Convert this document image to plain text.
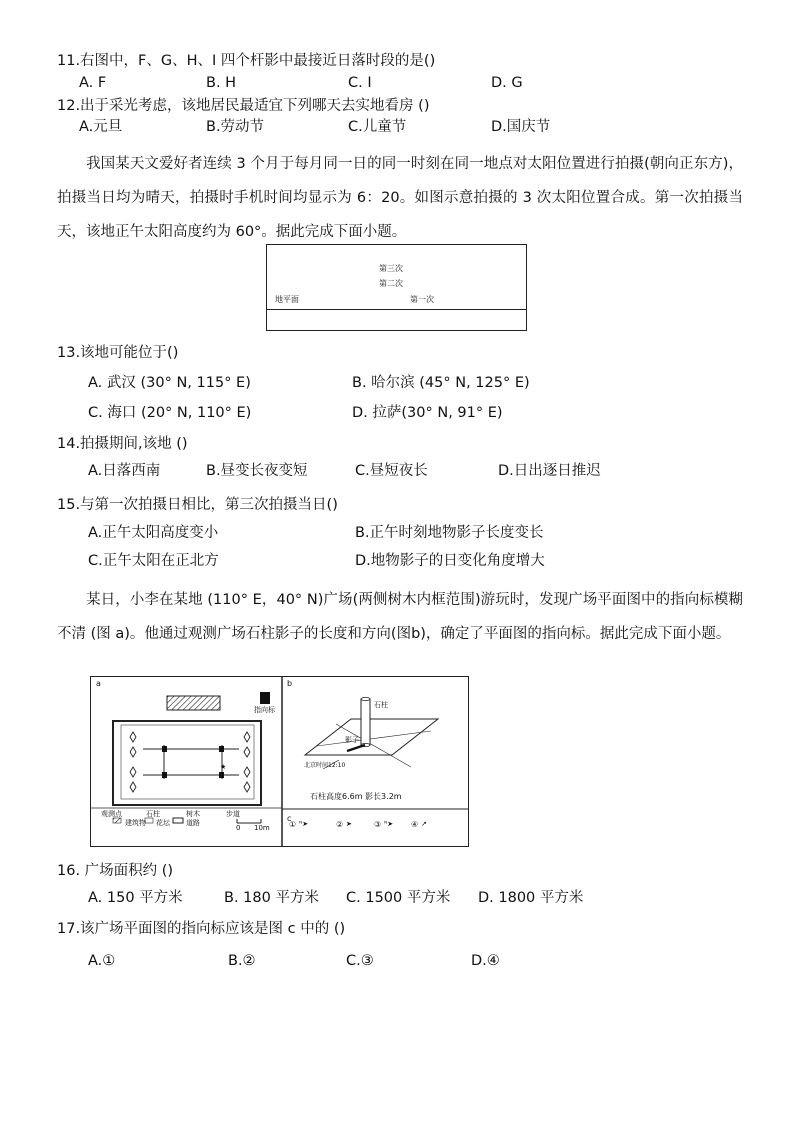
11.右图中，F、G、H、I 四个杆影中最接近日落时段的是()
A. F	B. H	C. I	D. G
12.出于采光考虑，该地居民最适宜下列哪天去实地看房 ()
A.元旦	B.劳动节	C.儿童节	D.国庆节
我国某天文爱好者连续 3 个月于每月同一日的同一时刻在同一地点对太阳位置进行拍摄(朝向正东方)，拍摄当日均为晴天，拍摄时手机时间均显示为 6：20。如图示意拍摄的 3 次太阳位置合成。第一次拍摄当天，该地正午太阳高度约为 60°。据此完成下面小题。
第三次
第二次
地平面	第一次
13.该地可能位于()
A. 武汉 (30° N, 115° E)	B. 哈尔滨 (45° N, 125° E)
C. 海口 (20° N, 110° E)	D. 拉萨(30° N, 91° E)
14.拍摄期间,该地 ()
A.日落西南	B.昼变长夜变短	C.昼短夜长	D.日出逐日推迟
15.与第一次拍摄日相比，第三次拍摄当日()
A.正午太阳高度变小	B.正午时刻地物影子长度变长
C.正午太阳在正北方	D.地物影子的日变化角度增大
某日，小李在某地 (110° E，40° N)广场(两侧树木内框范围)游玩时，发现广场平面图中的指向标模糊不清 (图 a)。他通过观测广场石柱影子的长度和方向(图b)，确定了平面图的指向标。据此完成下面小题。
★
① ᴺ➤	② ➤	③ ᴺ➤ ④ ↗
a	b
c
指向标
石柱
影子
北京时间12:10
石柱高度6.6m 影长3.2m
观测点	石柱	树木	步道
建筑物 花坛 道路
0 10m
16. 广场面积约 ()
A. 150 平方米	B. 180 平方米 C. 1500 平方米 D. 1800 平方米
17.该广场平面图的指向标应该是图 c 中的 ()
A.①	B.②	C.③	D.④
